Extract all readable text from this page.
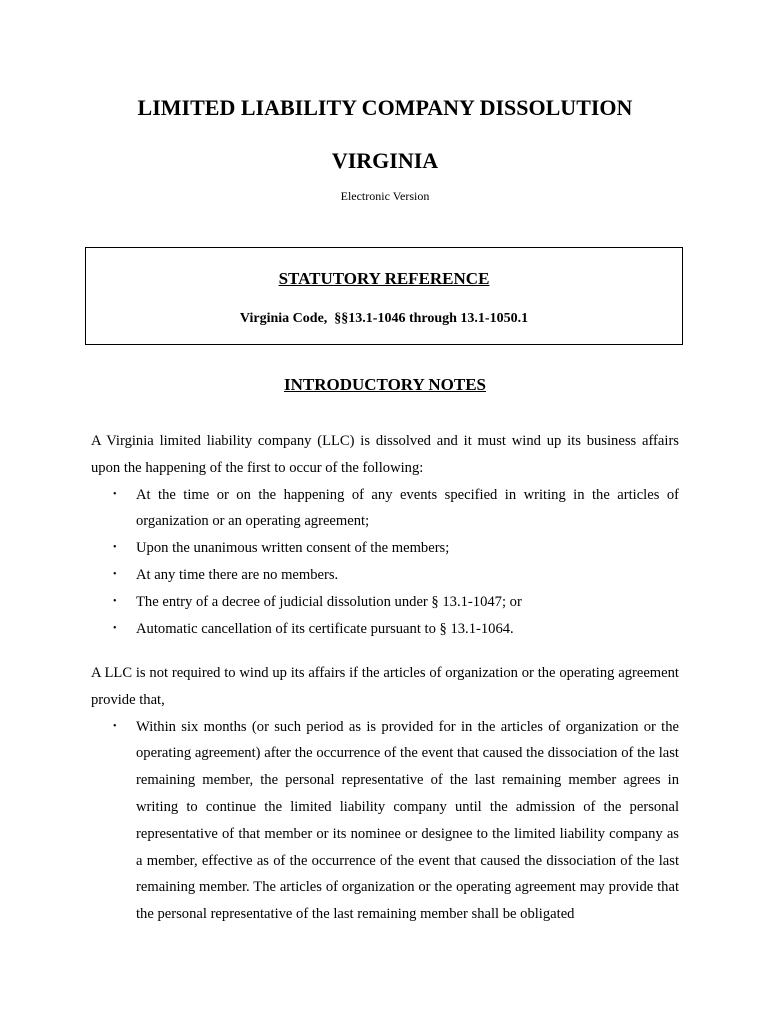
LIMITED LIABILITY COMPANY DISSOLUTION
VIRGINIA

Electronic Version

STATUTORY REFERENCE

Virginia Code,  §§13.1-1046 through 13.1-1050.1

INTRODUCTORY NOTES
A Virginia limited liability company (LLC) is dissolved and it must wind up its business affairs upon the happening of the first to occur of the following:
• At the time or on the happening of any events specified in writing in the articles of organization or an operating agreement;
• Upon the unanimous written consent of the members;
• At any time there are no members.
• The entry of a decree of judicial dissolution under § 13.1-1047; or
• Automatic cancellation of its certificate pursuant to § 13.1-1064.
A LLC is not required to wind up its affairs if the articles of organization or the operating agreement provide that,
• Within six months (or such period as is provided for in the articles of organization or the operating agreement) after the occurrence of the event that caused the dissociation of the last remaining member, the personal representative of the last remaining member agrees in writing to continue the limited liability company until the admission of the personal representative of that member or its nominee or designee to the limited liability company as a member, effective as of the occurrence of the event that caused the dissociation of the last remaining member. The articles of organization or the operating agreement may provide that the personal representative of the last remaining member shall be obligated
